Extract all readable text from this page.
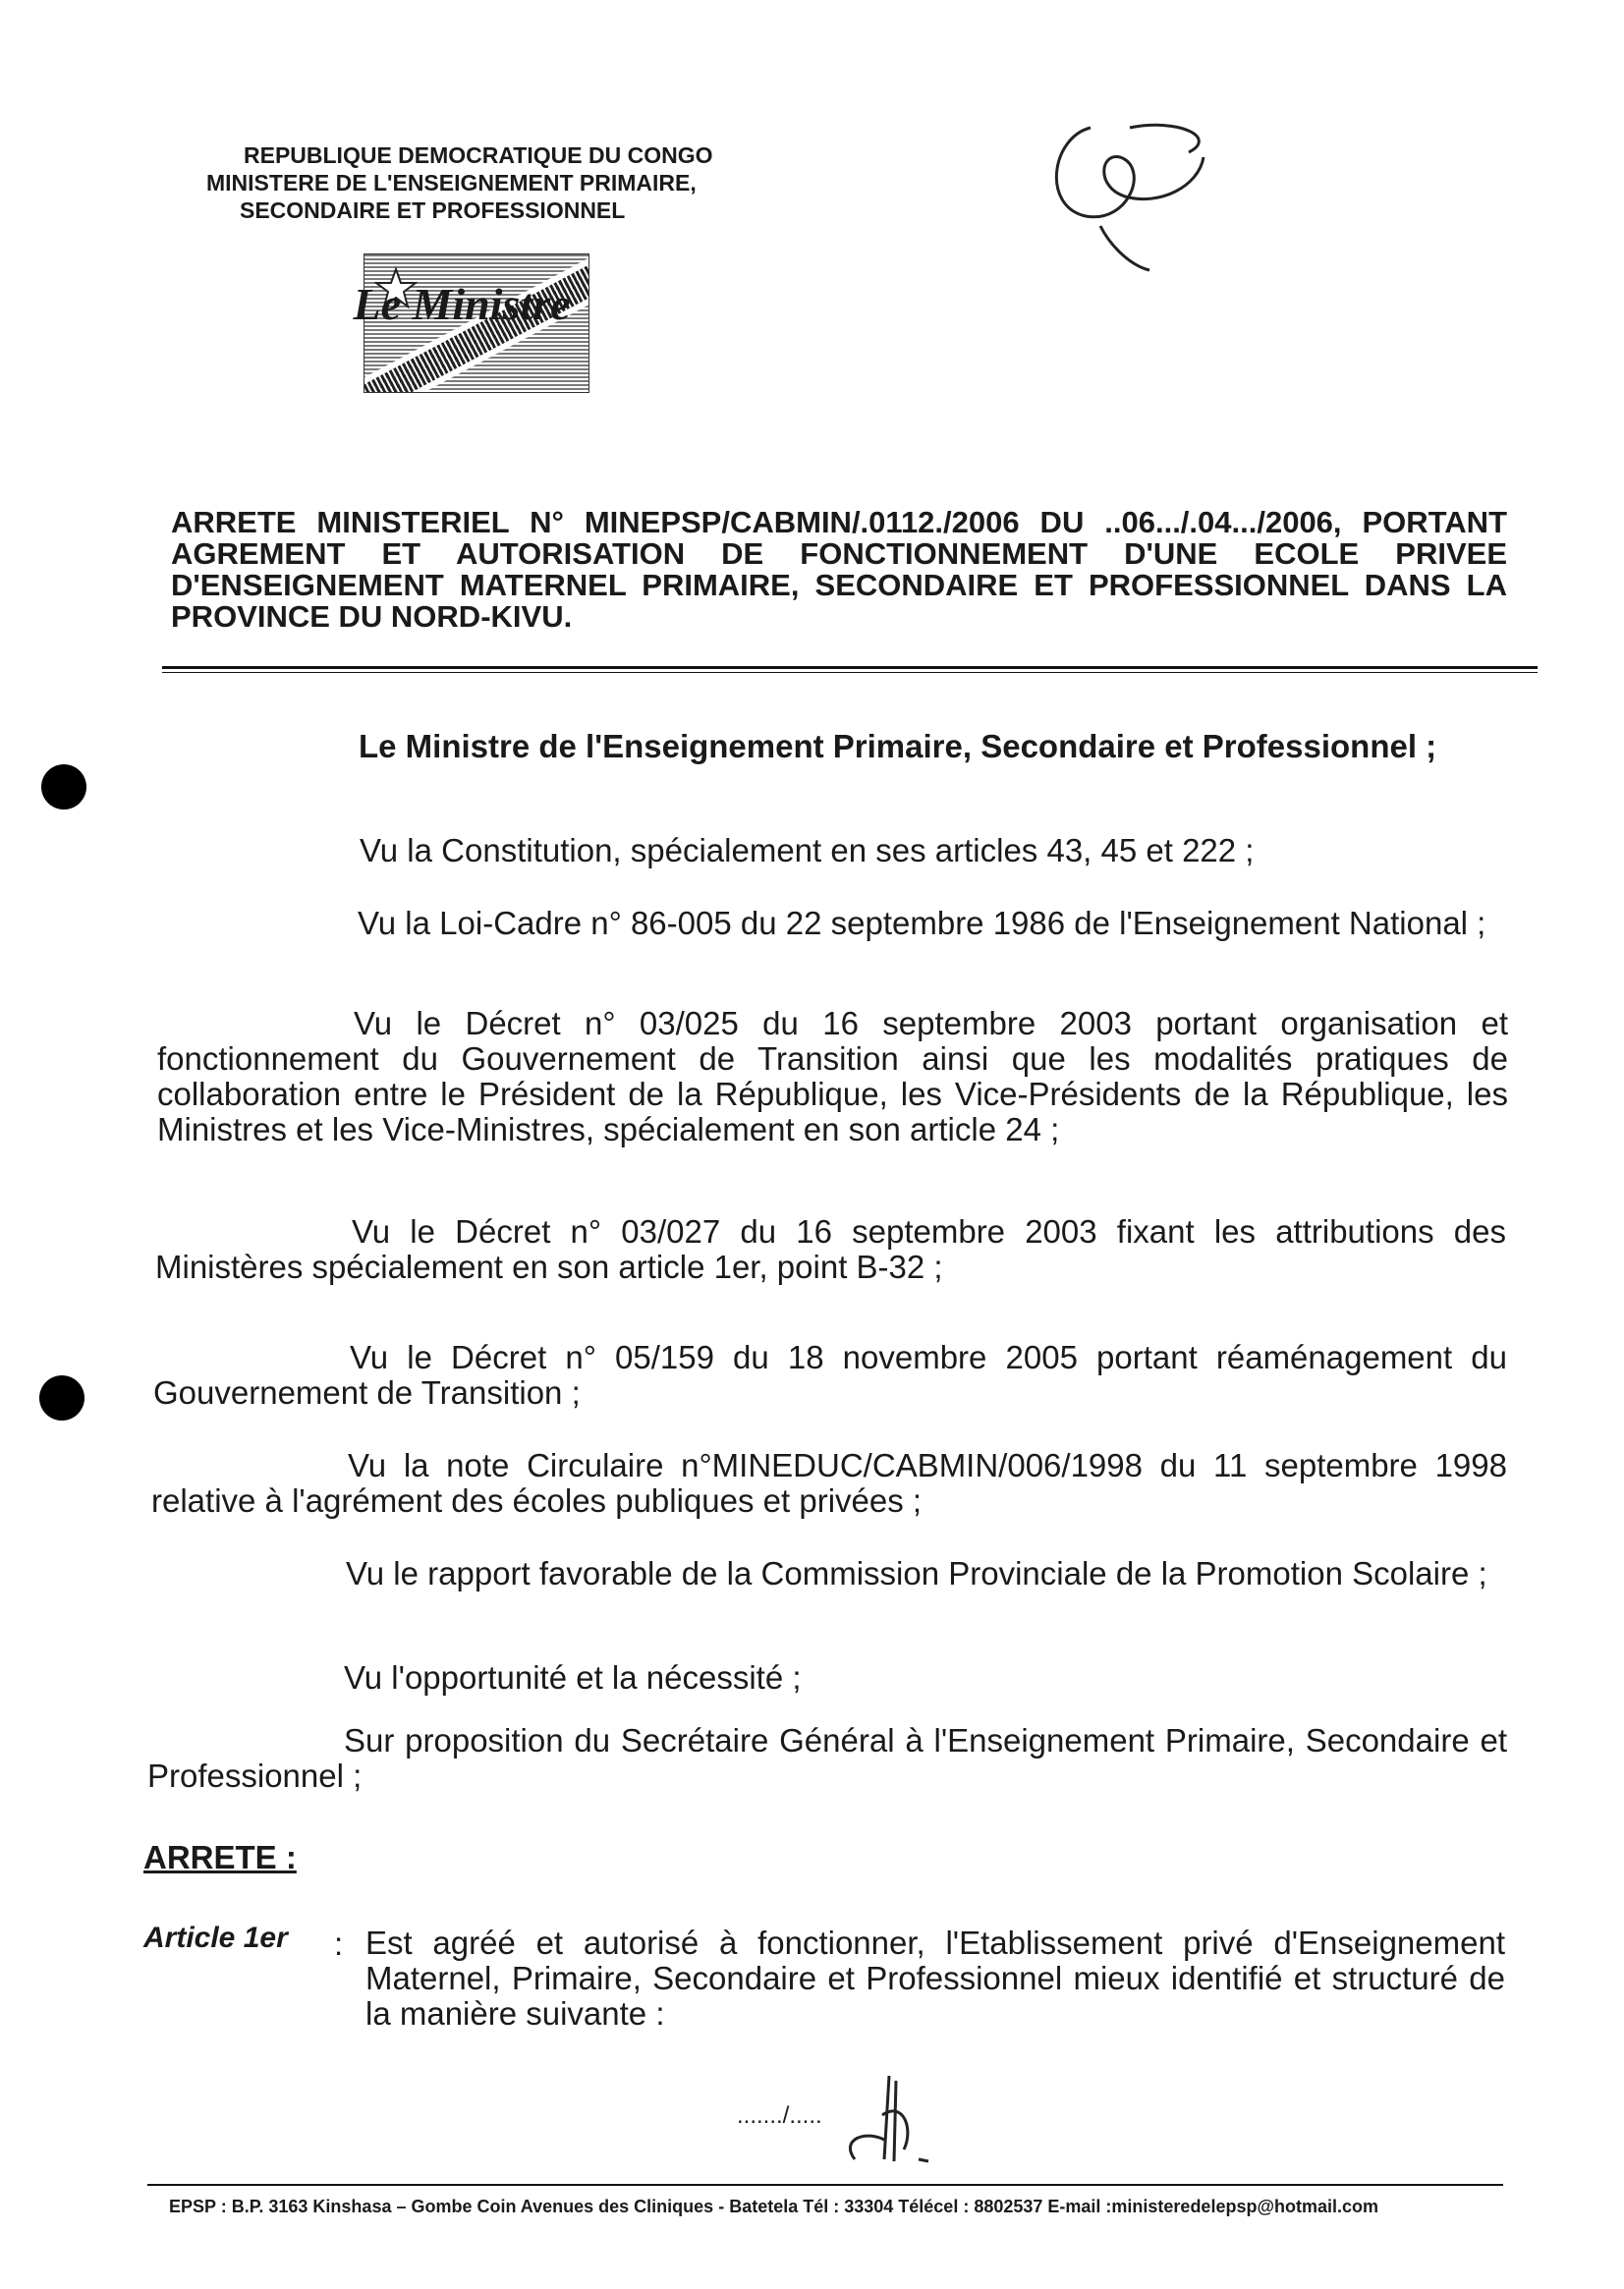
REPUBLIQUE DEMOCRATIQUE DU CONGO
MINISTERE DE L'ENSEIGNEMENT PRIMAIRE,
SECONDAIRE ET PROFESSIONNEL
Le Ministre
ARRETE MINISTERIEL N° MINEPSP/CABMIN/.0112./2006 DU ..06.../.04.../2006, PORTANT AGREMENT ET AUTORISATION DE FONCTIONNEMENT D'UNE ECOLE PRIVEE D'ENSEIGNEMENT MATERNEL PRIMAIRE, SECONDAIRE ET PROFESSIONNEL DANS LA PROVINCE DU NORD-KIVU.
Le Ministre de l'Enseignement Primaire, Secondaire et Professionnel ;
Vu la Constitution, spécialement en ses articles 43, 45 et 222 ;
Vu la Loi-Cadre n° 86-005 du 22 septembre 1986 de l'Enseignement National ;
Vu le Décret n° 03/025 du 16 septembre 2003 portant organisation et fonctionnement du Gouvernement de Transition ainsi que les modalités pratiques de collaboration entre le Président de la République, les Vice-Présidents de la République, les Ministres et les Vice-Ministres, spécialement en son article 24 ;
Vu le Décret n° 03/027 du 16 septembre 2003 fixant les attributions des Ministères spécialement en son article 1er, point B-32 ;
Vu le Décret n° 05/159 du 18 novembre 2005 portant réaménagement du Gouvernement de Transition ;
Vu la note Circulaire n°MINEDUC/CABMIN/006/1998 du 11 septembre 1998 relative à l'agrément des écoles publiques et privées ;
Vu le rapport favorable de la Commission Provinciale de la Promotion Scolaire ;
Vu l'opportunité et la nécessité ;
Sur proposition du Secrétaire Général à l'Enseignement Primaire, Secondaire et Professionnel ;
ARRETE :
Article 1er : Est agréé et autorisé à fonctionner, l'Etablissement privé d'Enseignement Maternel, Primaire, Secondaire et Professionnel mieux identifié et structuré de la manière suivante :
......./.....
EPSP : B.P. 3163 Kinshasa – Gombe Coin Avenues des Cliniques - Batetela Tél : 33304 Télécel : 8802537 E-mail :ministeredelepsp@hotmail.com
